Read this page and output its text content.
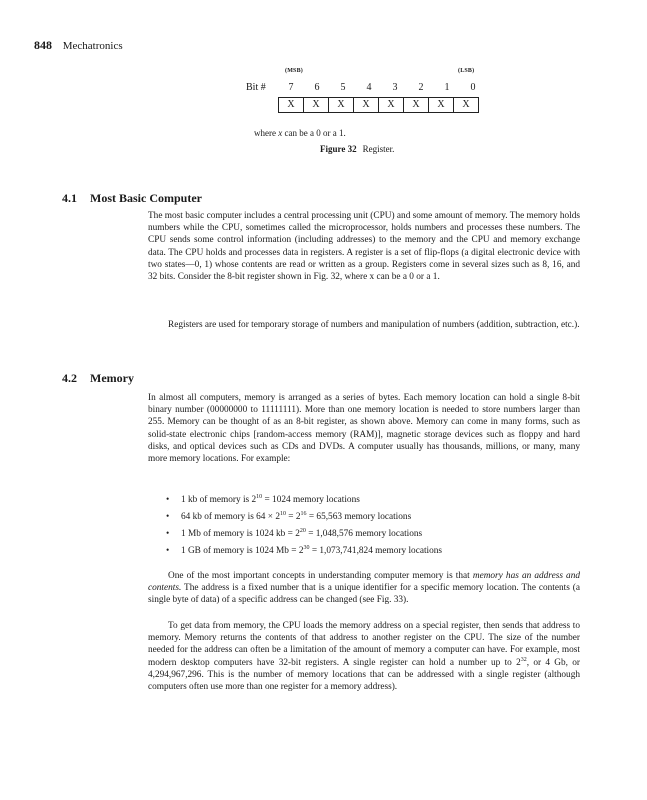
848 Mechatronics
(MSB)	(LSB)
Bit #	7	6	5	4	3	2	1	0
X	X	X	X	X	X	X	X
where x can be a 0 or a 1.
Figure 32 Register.
4.1 Most Basic Computer

The most basic computer includes a central processing unit (CPU) and some amount of memory. The memory holds numbers while the CPU, sometimes called the microprocessor, holds numbers and processes these numbers. The CPU sends some control information (including addresses) to the memory and the CPU and memory exchange data. The CPU holds and processes data in registers. A register is a set of flip-flops (a digital electronic device with two states—0, 1) whose contents are read or written as a group. Registers come in several sizes such as 8, 16, and 32 bits. Consider the 8-bit register shown in Fig. 32, where x can be a 0 or a 1.

Registers are used for temporary storage of numbers and manipulation of numbers (addition, subtraction, etc.).

4.2 Memory

In almost all computers, memory is arranged as a series of bytes. Each memory location can hold a single 8-bit binary number (00000000 to 11111111). More than one memory location is needed to store numbers larger than 255. Memory can be thought of as an 8-bit register, as shown above. Memory can come in many forms, such as solid-state electronic chips [random-access memory (RAM)], magnetic storage devices such as floppy and hard disks, and optical devices such as CDs and DVDs. A computer usually has thousands, millions, or many, many more memory locations. For example:

• 1 kb of memory is $2^{10} = 1024$ memory locations
• 64 kb of memory is $64 \times 2^{10} = 2^{16} = 65,563$ memory locations
• 1 Mb of memory is 1024 kb = $2^{20} = 1,048,576$ memory locations
• 1 GB of memory is 1024 $Mb = 2^{30} = 1,073,741,824$ memory locations

One of the most important concepts in understanding computer memory is that memory has an address and contents. The address is a fixed number that is a unique identifier for a specific memory location. The contents (a single byte of data) of a specific address can be changed (see Fig. 33).

To get data from memory, the CPU loads the memory address on a special register, then sends that address to memory. Memory returns the contents of that address to another register on the CPU. The size of the number needed for the address can often be a limitation of the amount of memory a computer can have. For example, most modern desktop computers have 32-bit registers. A single register can hold a number up to $2^{32}$, or 4 Gb, or 4,294,967,296. This is the number of memory locations that can be addressed with a single register (although computers often use more than one register for a memory address).
